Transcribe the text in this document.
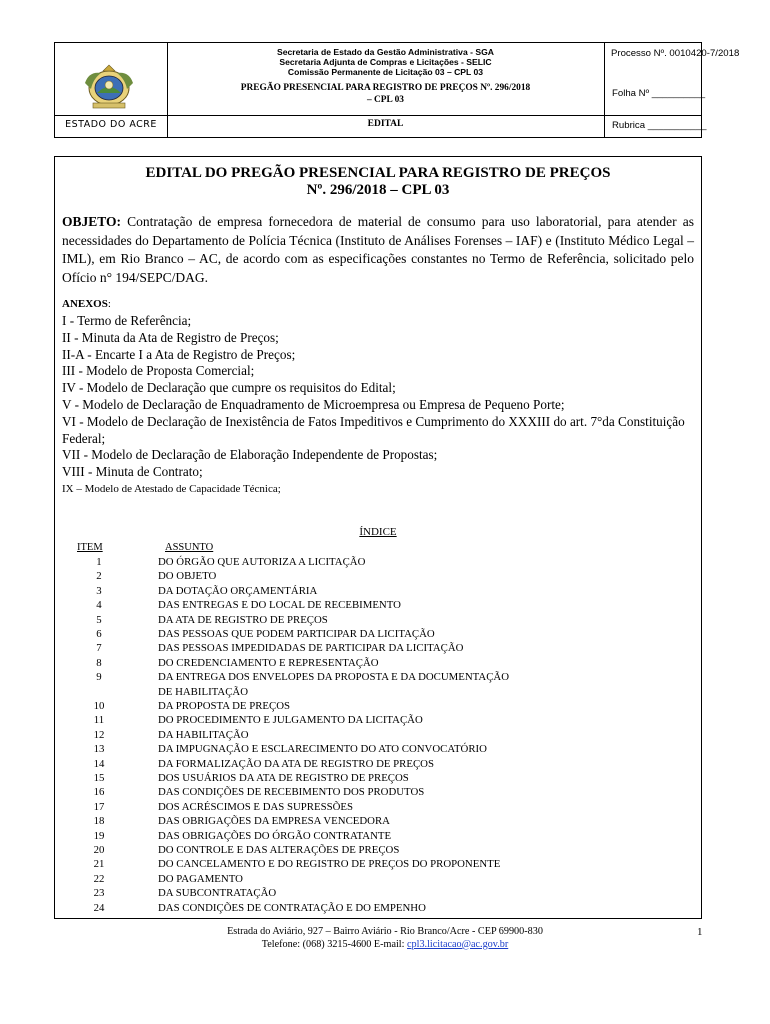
ESTADO DO ACRE
Secretaria de Estado da Gestão Administrativa - SGA
Secretaria Adjunta de Compras e Licitações - SELIC
Comissão Permanente de Licitação 03 – CPL 03
PREGÃO PRESENCIAL PARA REGISTRO DE PREÇOS Nº. 296/2018
– CPL 03
EDITAL
Processo Nº. 0010420-7/2018
Folha Nº __________
Rubrica ___________
EDITAL DO PREGÃO PRESENCIAL PARA REGISTRO DE PREÇOS
Nº. 296/2018 – CPL 03
OBJETO: Contratação de empresa fornecedora de material de consumo para uso laboratorial, para atender as necessidades do Departamento de Polícia Técnica (Instituto de Análises Forenses – IAF) e (Instituto Médico Legal – IML), em Rio Branco – AC, de acordo com as especificações constantes no Termo de Referência, solicitado pelo Ofício n° 194/SEPC/DAG.
ANEXOS:
I - Termo de Referência;
II - Minuta da Ata de Registro de Preços;
II-A - Encarte I a Ata de Registro de Preços;
III - Modelo de Proposta Comercial;
IV - Modelo de Declaração que cumpre os requisitos do Edital;
V - Modelo de Declaração de Enquadramento de Microempresa ou Empresa de Pequeno Porte;
VI - Modelo de Declaração de Inexistência de Fatos Impeditivos e Cumprimento do XXXIII do art. 7°da Constituição Federal;
VII - Modelo de Declaração de Elaboração Independente de Propostas;
VIII - Minuta de Contrato;
IX – Modelo de Atestado de Capacidade Técnica;
ÍNDICE
ITEM	ASSUNTO
1	DO ÓRGÃO QUE AUTORIZA A LICITAÇÃO
2	DO OBJETO
3	DA DOTAÇÃO ORÇAMENTÁRIA
4	DAS ENTREGAS E DO LOCAL DE RECEBIMENTO
5	DA ATA DE REGISTRO DE PREÇOS
6	DAS PESSOAS QUE PODEM PARTICIPAR DA LICITAÇÃO
7	DAS PESSOAS IMPEDIDADAS DE PARTICIPAR DA LICITAÇÃO
8	DO CREDENCIAMENTO E REPRESENTAÇÃO
9	DA ENTREGA DOS ENVELOPES DA PROPOSTA E DA DOCUMENTAÇÃO
DE HABILITAÇÃO
10	DA PROPOSTA DE PREÇOS
11	DO PROCEDIMENTO E JULGAMENTO DA LICITAÇÃO
12	DA HABILITAÇÃO
13	DA IMPUGNAÇÃO E ESCLARECIMENTO DO ATO CONVOCATÓRIO
14	DA FORMALIZAÇÃO DA ATA DE REGISTRO DE PREÇOS
15	DOS USUÁRIOS DA ATA DE REGISTRO DE PREÇOS
16	DAS CONDIÇÕES DE RECEBIMENTO DOS PRODUTOS
17	DOS ACRÉSCIMOS E DAS SUPRESSÕES
18	DAS OBRIGAÇÕES DA EMPRESA VENCEDORA
19	DAS OBRIGAÇÕES DO ÓRGÃO CONTRATANTE
20	DO CONTROLE E DAS ALTERAÇÕES DE PREÇOS
21	DO CANCELAMENTO E DO REGISTRO DE PREÇOS DO PROPONENTE
22	DO PAGAMENTO
23	DA SUBCONTRATAÇÃO
24	DAS CONDIÇÕES DE CONTRATAÇÃO E DO EMPENHO
Estrada do Aviário, 927 – Bairro Aviário - Rio Branco/Acre - CEP 69900-830
Telefone: (068) 3215-4600 E-mail: cpl3.licitacao@ac.gov.br
1
